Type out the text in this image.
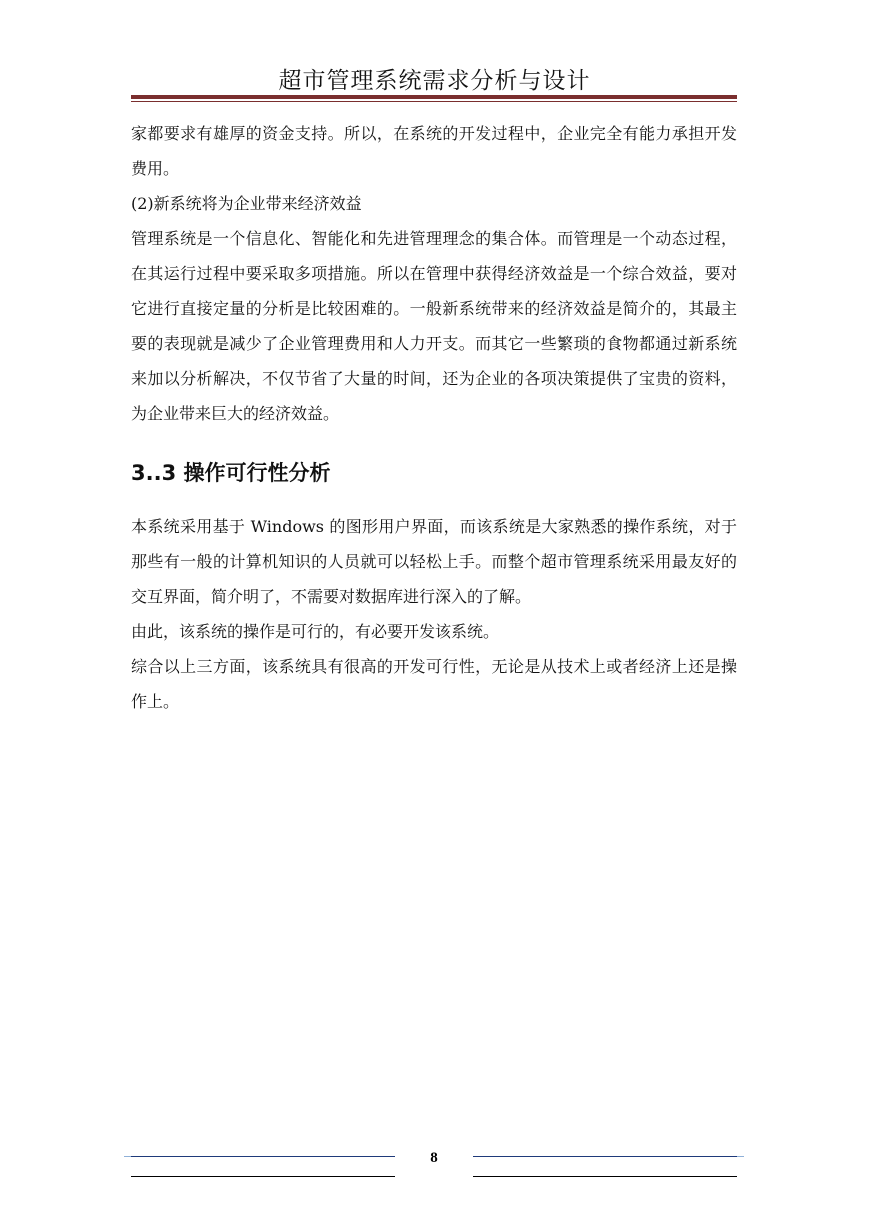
超市管理系统需求分析与设计

家都要求有雄厚的资金支持。所以，在系统的开发过程中，企业完全有能力承担开发费用。

(2)新系统将为企业带来经济效益

管理系统是一个信息化、智能化和先进管理理念的集合体。而管理是一个动态过程，在其运行过程中要采取多项措施。所以在管理中获得经济效益是一个综合效益，要对它进行直接定量的分析是比较困难的。一般新系统带来的经济效益是简介的，其最主要的表现就是减少了企业管理费用和人力开支。而其它一些繁琐的食物都通过新系统来加以分析解决，不仅节省了大量的时间，还为企业的各项决策提供了宝贵的资料，为企业带来巨大的经济效益。

3..3 操作可行性分析

本系统采用基于 Windows 的图形用户界面，而该系统是大家熟悉的操作系统，对于那些有一般的计算机知识的人员就可以轻松上手。而整个超市管理系统采用最友好的交互界面，简介明了，不需要对数据库进行深入的了解。

由此，该系统的操作是可行的，有必要开发该系统。

综合以上三方面，该系统具有很高的开发可行性，无论是从技术上或者经济上还是操作上。

8
